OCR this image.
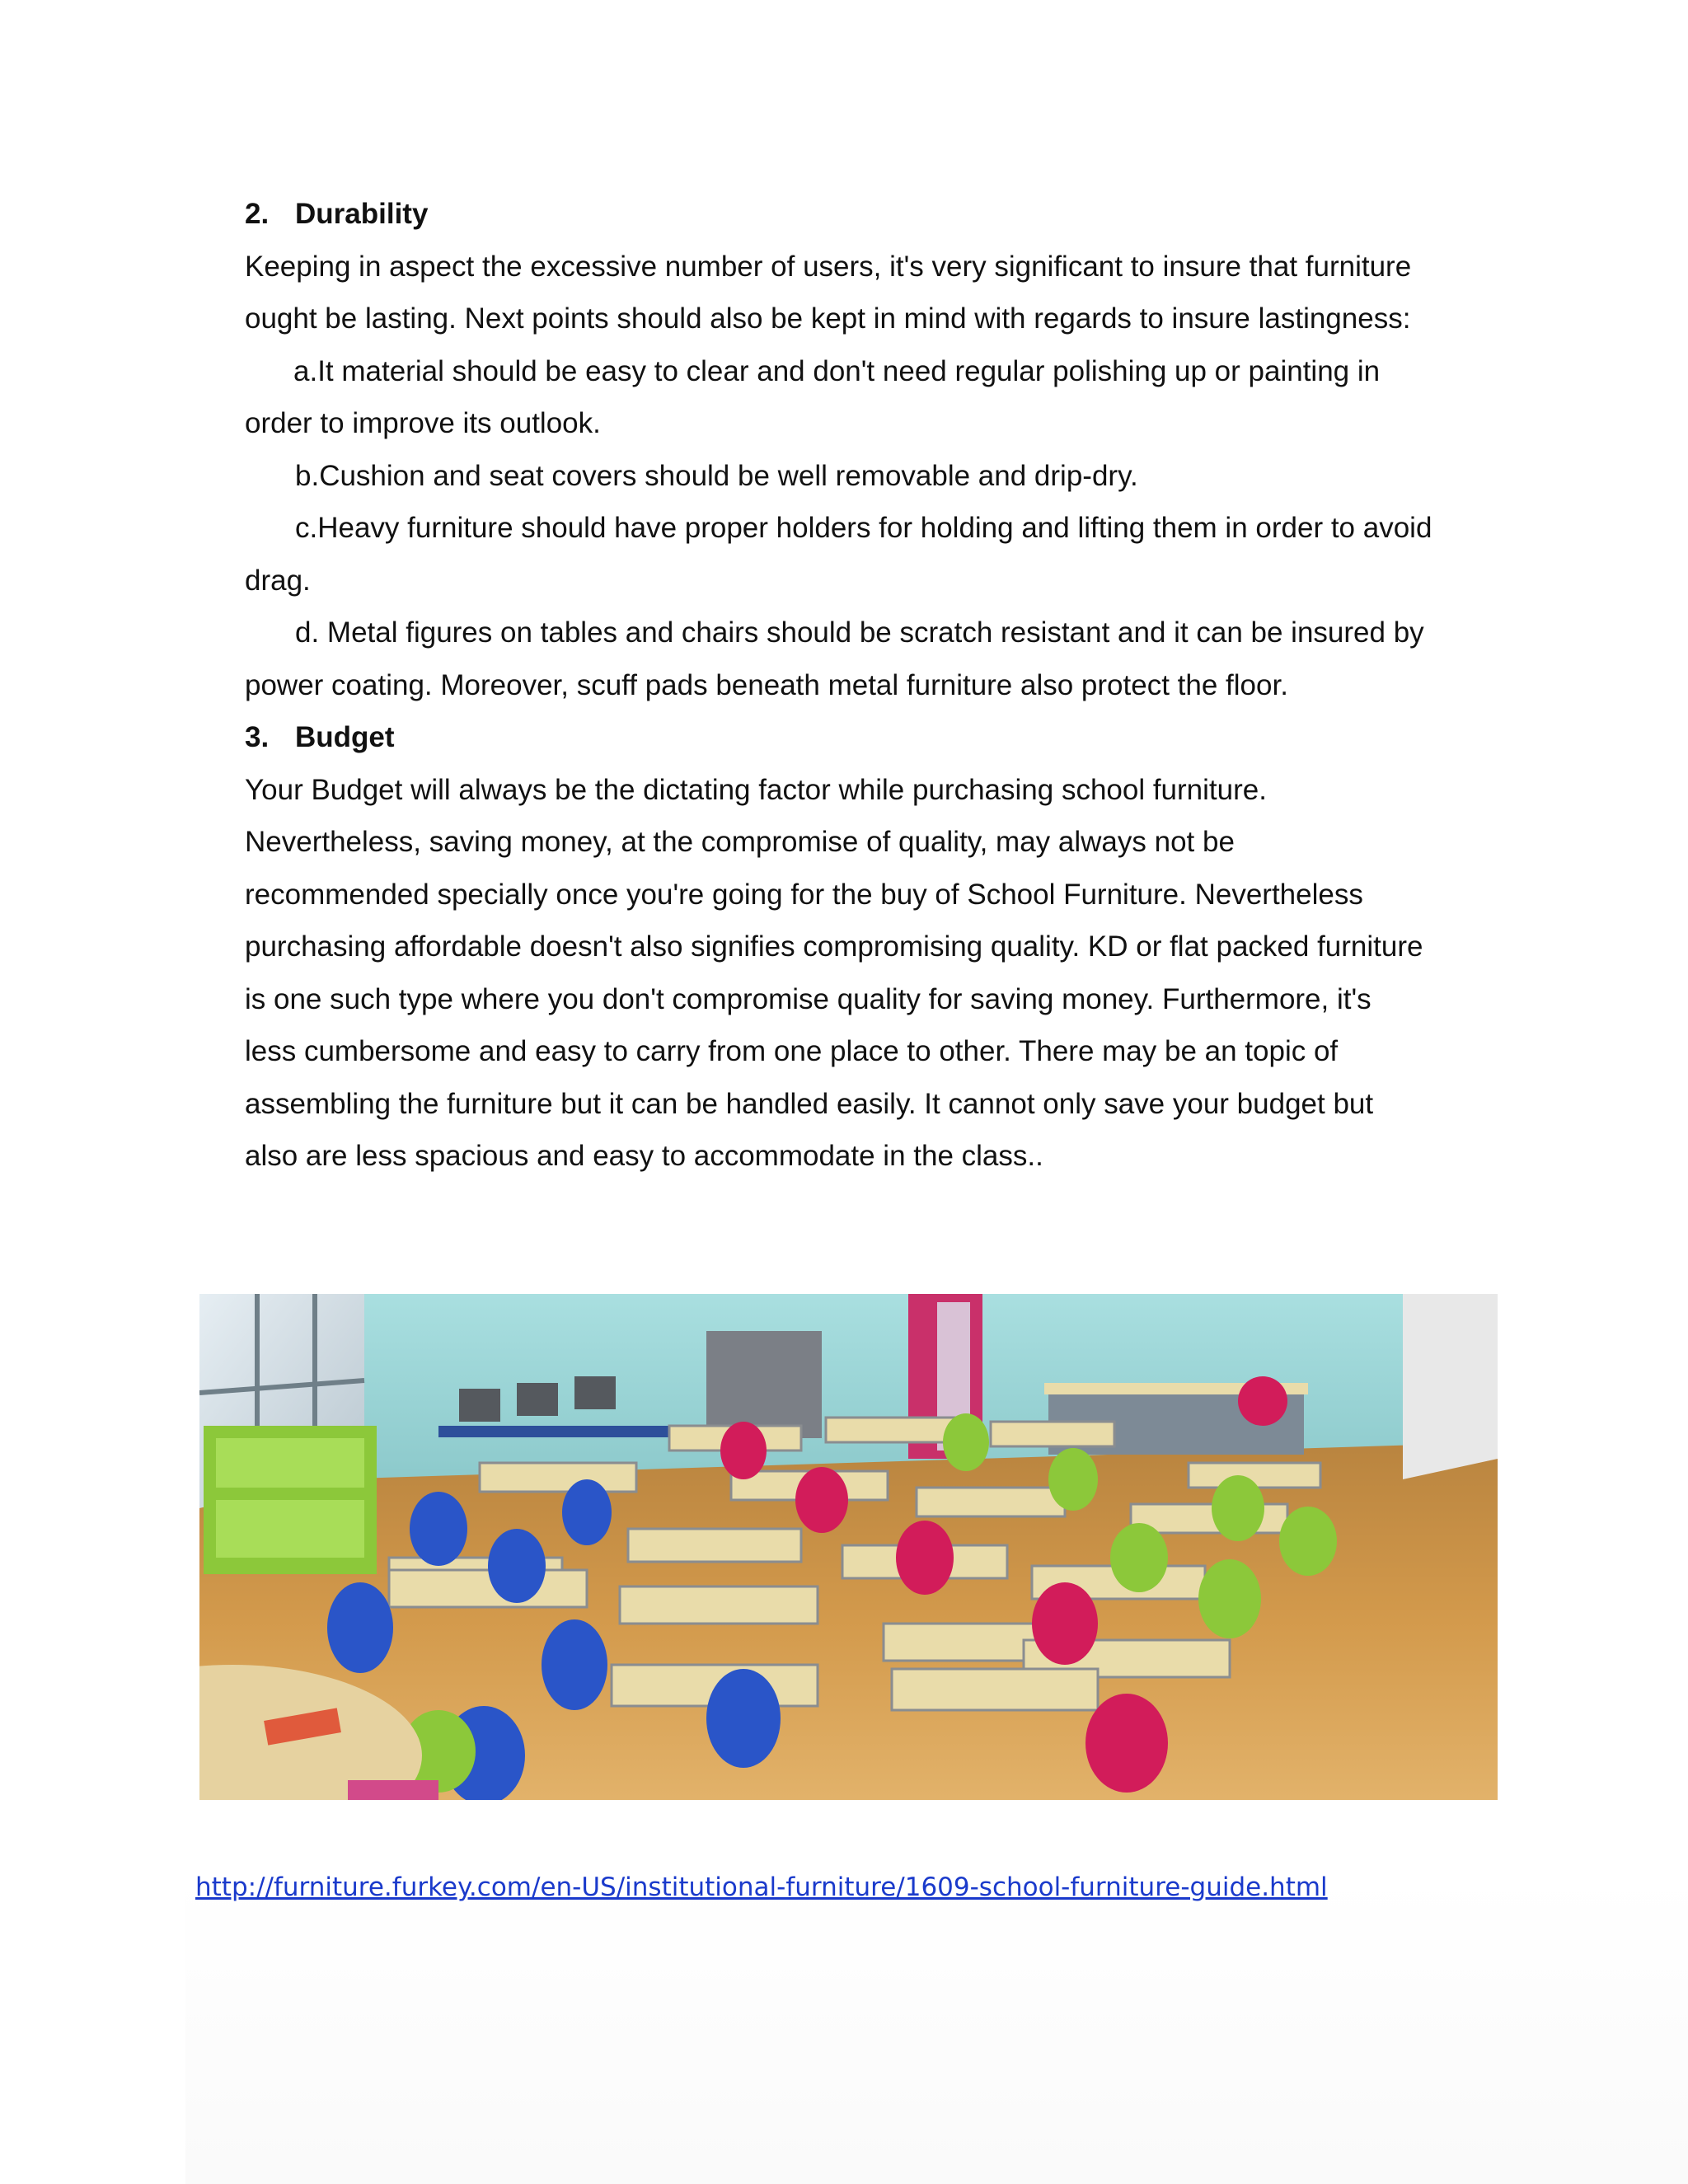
2. Durability

Keeping in aspect the excessive number of users, it's very significant to insure that furniture

ought be lasting. Next points should also be kept in mind with regards to insure lastingness:

a.It material should be easy to clear and don't need regular polishing up or painting in

order to improve its outlook.

b.Cushion and seat covers should be well removable and drip-dry.

c.Heavy furniture should have proper holders for holding and lifting them in order to avoid

drag.

d. Metal figures on tables and chairs should be scratch resistant and it can be insured by

power coating. Moreover, scuff pads beneath metal furniture also protect the floor.

3. Budget

Your Budget will always be the dictating factor while purchasing school furniture.

Nevertheless, saving money, at the compromise of quality, may always not be

recommended specially once you're going for the buy of School Furniture. Nevertheless

purchasing affordable doesn't also signifies compromising quality. KD or flat packed furniture

is one such type where you don't compromise quality for saving money. Furthermore, it's

less cumbersome and easy to carry from one place to other. There may be an topic of

assembling the furniture but it can be handled easily. It cannot only save your budget but

also are less spacious and easy to accommodate in the class..

http://furniture.furkey.com/en-US/institutional-furniture/1609-school-furniture-guide.html
